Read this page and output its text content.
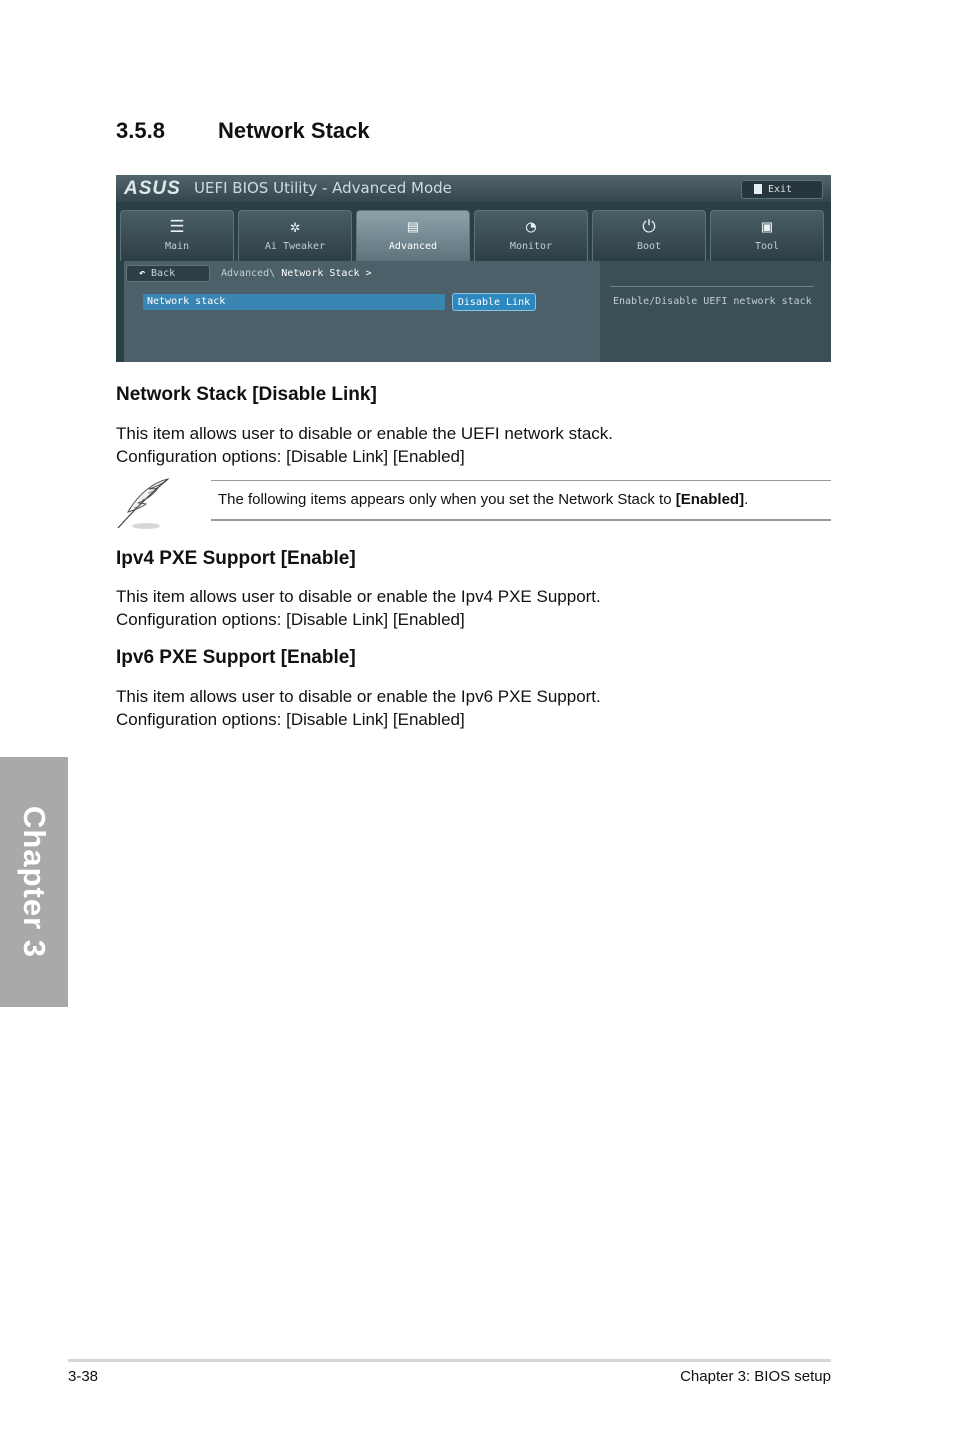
3.5.8 Network Stack
ASUS UEFI BIOS Utility - Advanced Mode	Exit
☰
Main
✲
Ai Tweaker
▤
Advanced
◔
Monitor
⏻
Boot
▣
Tool
↶ Back	Advanced\ Network Stack >
Network stack	Disable Link	Enable/Disable UEFI network stack
Network Stack [Disable Link]
This item allows user to disable or enable the UEFI network stack.
Configuration options: [Disable Link] [Enabled]
The following items appears only when you set the Network Stack to [Enabled].
Ipv4 PXE Support [Enable]
This item allows user to disable or enable the Ipv4 PXE Support.
Configuration options: [Disable Link] [Enabled]
Ipv6 PXE Support [Enable]
This item allows user to disable or enable the Ipv6 PXE Support.
Configuration options: [Disable Link] [Enabled]
Chapter 3
3-38	Chapter 3: BIOS setup
